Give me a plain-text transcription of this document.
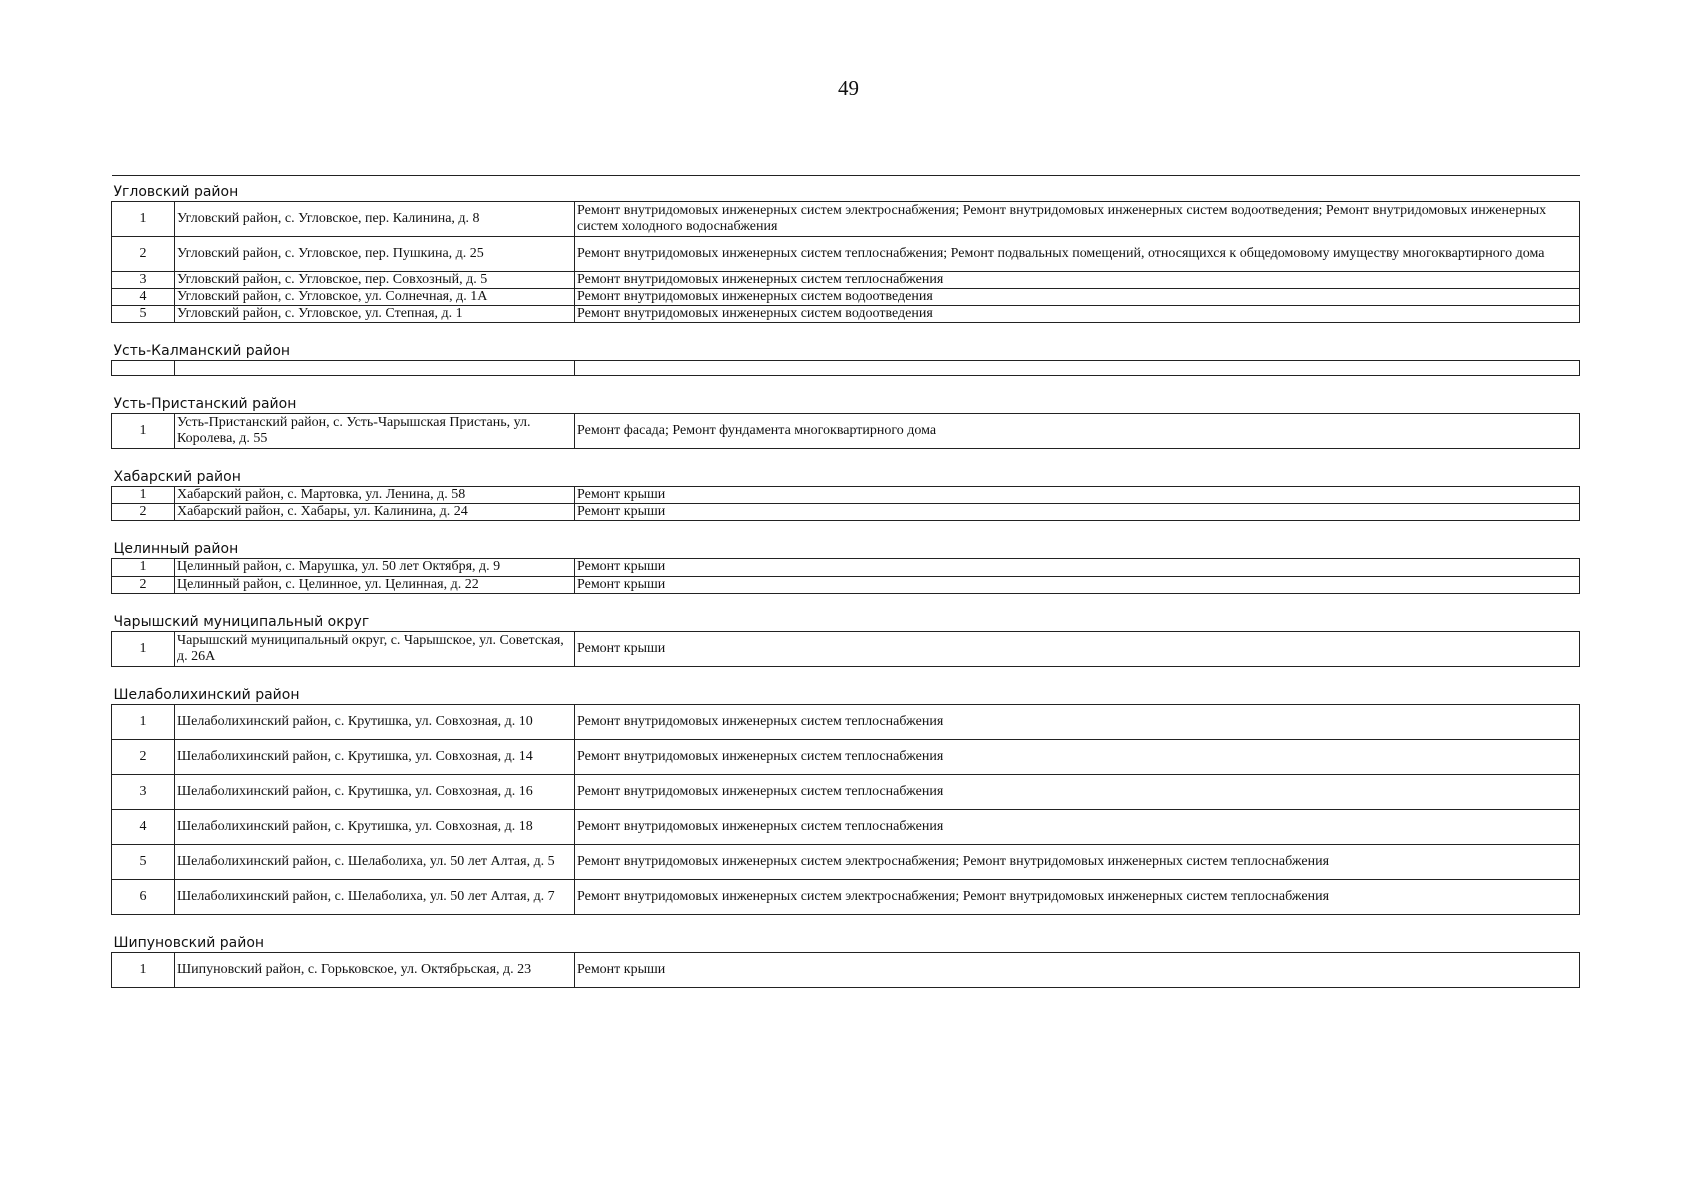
49
Угловский район		
1	Угловский район, с. Угловское, пер. Калинина, д. 8	Ремонт внутридомовых инженерных систем электроснабжения; Ремонт внутридомовых инженерных систем водоотведения; Ремонт внутридомовых инженерных систем холодного водоснабжения
2	Угловский район, с. Угловское, пер. Пушкина, д. 25	Ремонт внутридомовых инженерных систем теплоснабжения; Ремонт подвальных помещений, относящихся к общедомовому имуществу многоквартирного дома
3	Угловский район, с. Угловское, пер. Совхозный, д. 5	Ремонт внутридомовых инженерных систем теплоснабжения
4	Угловский район, с. Угловское, ул. Солнечная, д. 1А	Ремонт внутридомовых инженерных систем водоотведения
5	Угловский район, с. Угловское, ул. Степная, д. 1	Ремонт внутридомовых инженерных систем водоотведения
Усть-Калманский район		

Усть-Пристанский район		
1	Усть-Пристанский район, с. Усть-Чарышская Пристань, ул. Королева, д. 55	Ремонт фасада; Ремонт фундамента многоквартирного дома
Хабарский район		
1	Хабарский район, с. Мартовка, ул. Ленина, д. 58	Ремонт крыши
2	Хабарский район, с. Хабары, ул. Калинина, д. 24	Ремонт крыши
Целинный район		
1	Целинный район, с. Марушка, ул. 50 лет Октября, д. 9	Ремонт крыши
2	Целинный район, с. Целинное, ул. Целинная, д. 22	Ремонт крыши
Чарышский муниципальный округ		
1	Чарышский муниципальный округ, с. Чарышское, ул. Советская, д. 26А	Ремонт крыши
Шелаболихинский район		
1	Шелаболихинский район, с. Крутишка, ул. Совхозная, д. 10	Ремонт внутридомовых инженерных систем теплоснабжения
2	Шелаболихинский район, с. Крутишка, ул. Совхозная, д. 14	Ремонт внутридомовых инженерных систем теплоснабжения
3	Шелаболихинский район, с. Крутишка, ул. Совхозная, д. 16	Ремонт внутридомовых инженерных систем теплоснабжения
4	Шелаболихинский район, с. Крутишка, ул. Совхозная, д. 18	Ремонт внутридомовых инженерных систем теплоснабжения
5	Шелаболихинский район, с. Шелаболиха, ул. 50 лет Алтая, д. 5	Ремонт внутридомовых инженерных систем электроснабжения; Ремонт внутридомовых инженерных систем теплоснабжения
6	Шелаболихинский район, с. Шелаболиха, ул. 50 лет Алтая, д. 7	Ремонт внутридомовых инженерных систем электроснабжения; Ремонт внутридомовых инженерных систем теплоснабжения
Шипуновский район		
1	Шипуновский район, с. Горьковское, ул. Октябрьская, д. 23	Ремонт крыши
